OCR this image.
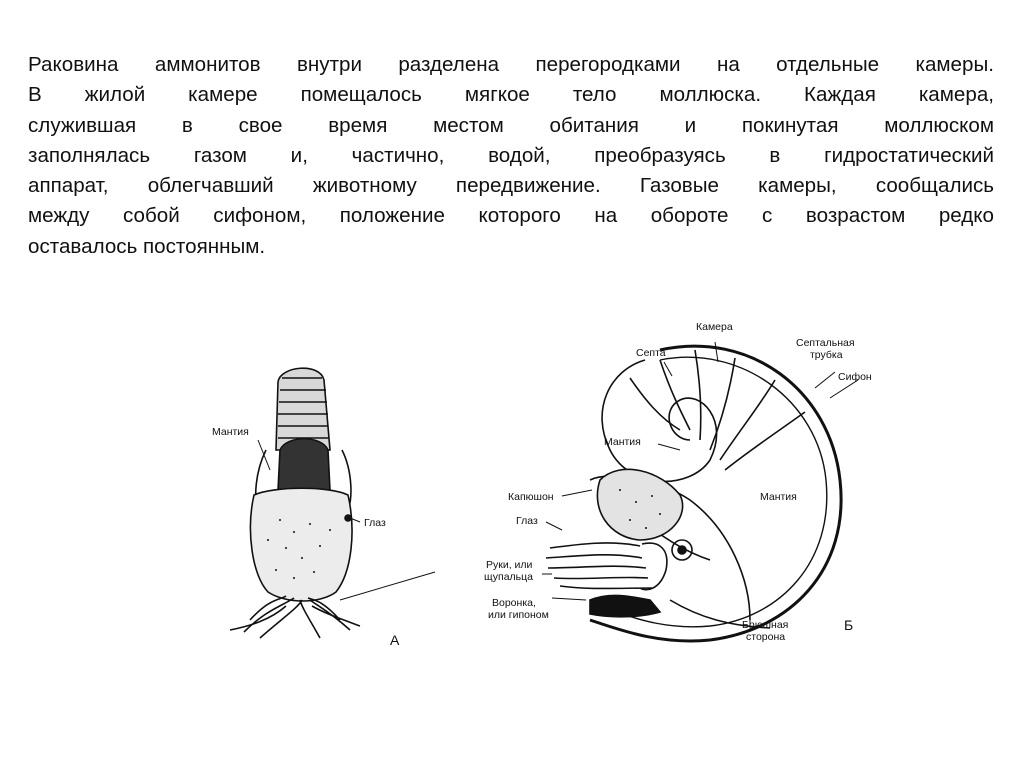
Раковина аммонитов внутри разделена перегородками на отдельные камеры.
В жилой камере помещалось мягкое тело моллюска. Каждая камера,
служившая в свое время местом обитания и покинутая моллюском
заполнялась газом и, частично, водой, преобразуясь в гидростатический
аппарат, облегчавший животному передвижение. Газовые камеры, сообщались
между собой сифоном, положение которого на обороте с возрастом редко
оставалось постоянным.
Мантия
Глаз
А
Камера
Септа
Септальная
трубка
Сифон
Мантия
Мантия
Капюшон
Глаз
Руки, или
щупальца
Воронка,
или гипоном
Брюшная
сторона
Б
